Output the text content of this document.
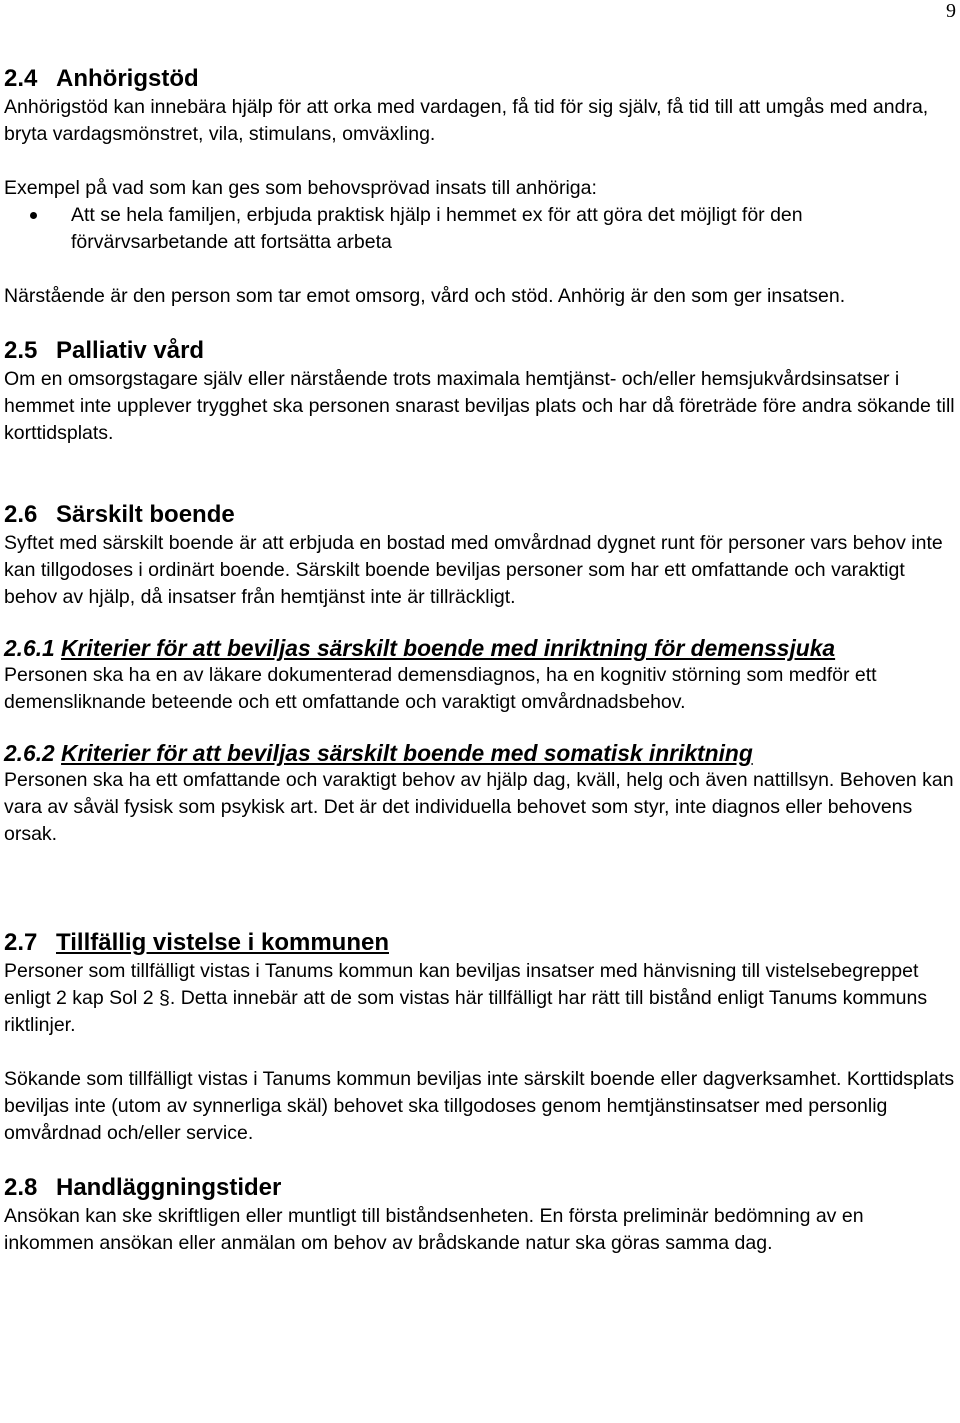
9
2.4 Anhörigstöd

Anhörigstöd kan innebära hjälp för att orka med vardagen, få tid för sig själv, få tid till att umgås med andra, bryta vardagsmönstret, vila, stimulans, omväxling.

Exempel på vad som kan ges som behovsprövad insats till anhöriga:

Att se hela familjen, erbjuda praktisk hjälp i hemmet ex för att göra det möjligt för den förvärvsarbetande att fortsätta arbeta

Närstående är den person som tar emot omsorg, vård och stöd. Anhörig är den som ger insatsen.

2.5 Palliativ vård

Om en omsorgstagare själv eller närstående trots maximala hemtjänst- och/eller hemsjukvårdsinsatser i hemmet inte upplever trygghet ska personen snarast beviljas plats och har då företräde före andra sökande till korttidsplats.

2.6 Särskilt boende

Syftet med särskilt boende är att erbjuda en bostad med omvårdnad dygnet runt för personer vars behov inte kan tillgodoses i ordinärt boende. Särskilt boende beviljas personer som har ett omfattande och varaktigt behov av hjälp, då insatser från hemtjänst inte är tillräckligt.

2.6.1 Kriterier för att beviljas särskilt boende med inriktning för demenssjuka

Personen ska ha en av läkare dokumenterad demensdiagnos, ha en kognitiv störning som medför ett demensliknande beteende och ett omfattande och varaktigt omvårdnadsbehov.

2.6.2 Kriterier för att beviljas särskilt boende med somatisk inriktning

Personen ska ha ett omfattande och varaktigt behov av hjälp dag, kväll, helg och även nattillsyn. Behoven kan vara av såväl fysisk som psykisk art. Det är det individuella behovet som styr, inte diagnos eller behovens orsak.

2.7 Tillfällig vistelse i kommunen

Personer som tillfälligt vistas i Tanums kommun kan beviljas insatser med hänvisning till vistelsebegreppet enligt 2 kap Sol 2 §. Detta innebär att de som vistas här tillfälligt har rätt till bistånd enligt Tanums kommuns riktlinjer.

Sökande som tillfälligt vistas i Tanums kommun beviljas inte särskilt boende eller dagverksamhet. Korttidsplats beviljas inte (utom av synnerliga skäl) behovet ska tillgodoses genom hemtjänstinsatser med personlig omvårdnad och/eller service.

2.8 Handläggningstider

Ansökan kan ske skriftligen eller muntligt till biståndsenheten. En första preliminär bedömning av en inkommen ansökan eller anmälan om behov av brådskande natur ska göras samma dag.
